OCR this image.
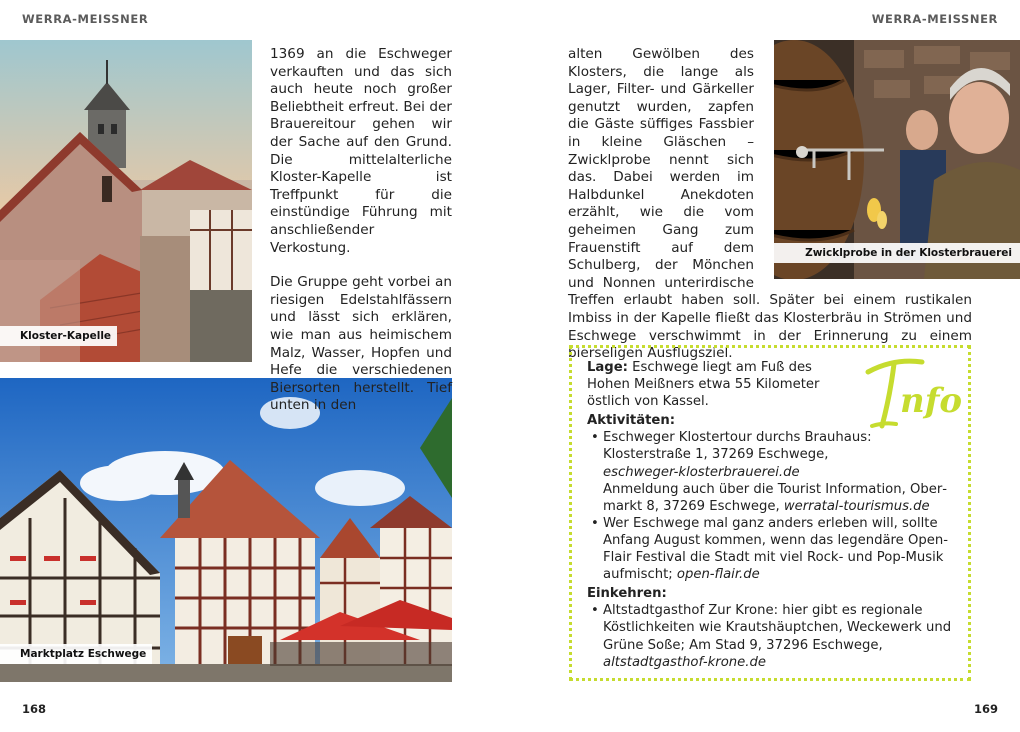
WERRA-MEISSNER	WERRA-MEISSNER
Kloster-Kapelle
Marktplatz Eschwege

1369 an die Eschweger verkauften und das sich auch heute noch großer Beliebtheit erfreut. Bei der Brauereitour gehen wir der Sache auf den Grund. Die mittelalterliche Kloster-Kapelle ist Treffpunkt für die einstündige Führung mit anschließender Verkostung.

Die Gruppe geht vorbei an riesigen Edelstahlfässern und lässt sich erklären, wie man aus heimischem Malz, Wasser, Hopfen und Hefe die verschiedenen Biersorten herstellt. Tief unten in den

Zwicklprobe in der Klosterbrauerei

alten Gewölben des Klosters, die lange als Lager, Filter- und Gärkeller genutzt wurden, zapfen die Gäste süffiges Fassbier in kleine Gläschen – Zwicklprobe nennt sich das. Dabei werden im Halbdunkel Anekdoten erzählt, wie die vom geheimen Gang zum Frauenstift auf dem Schulberg, der Mönchen und Nonnen unterirdische Treffen erlaubt haben soll. Später bei einem rustikalen Imbiss in der Kapelle fließt das Klosterbräu in Strömen und Eschwege verschwimmt in der Erinnerung zu einem bierseligen Ausflugsziel.

Lage: Eschwege liegt am Fuß des Hohen Meißners etwa 55 Kilometer östlich von Kassel.
Aktivitäten:
• Eschweger Klostertour durchs Brauhaus: Klosterstraße 1, 37269 Eschwege,
eschweger-klosterbrauerei.de
Anmeldung auch über die Tourist Information, Obermarkt 8, 37269 Eschwege, werratal-tourismus.de
• Wer Eschwege mal ganz anders erleben will, sollte Anfang August kommen, wenn das legendäre Open-Flair Festival die Stadt mit viel Rock- und Pop-Musik aufmischt; open-flair.de
Einkehren:
• Altstadtgasthof Zur Krone: hier gibt es regionale Köstlichkeiten wie Krautshäuptchen, Weckewerk und Grüne Soße; Am Stad 9, 37296 Eschwege, altstadtgasthof-krone.de
nfo
168	169
